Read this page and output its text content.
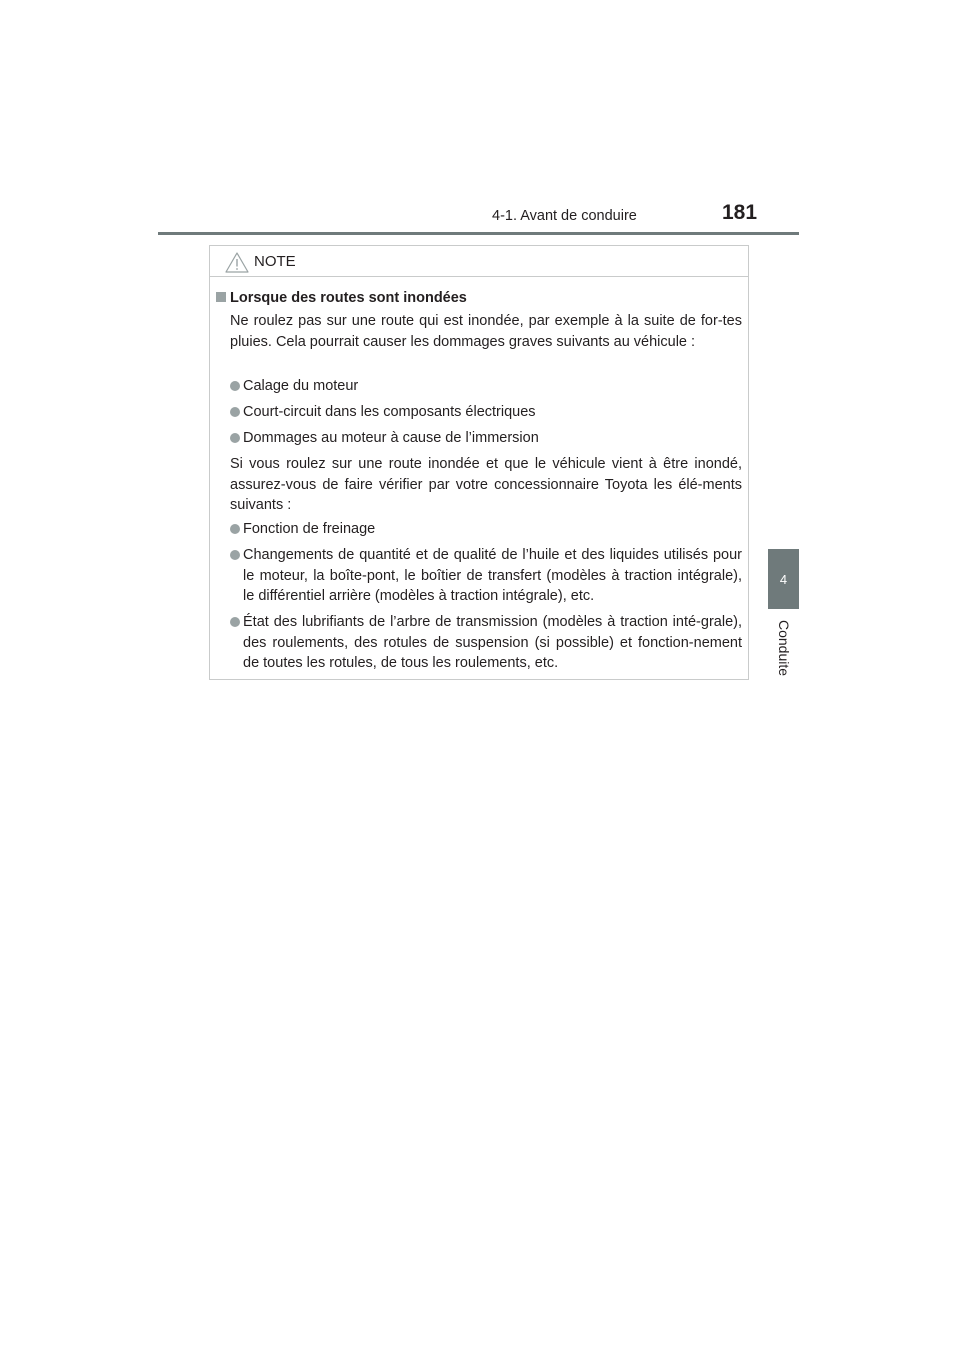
4-1. Avant de conduire	181
4
Conduite
NOTE
Lorsque des routes sont inondées

Ne roulez pas sur une route qui est inondée, par exemple à la suite de for-tes pluies. Cela pourrait causer les dommages graves suivants au véhicule :

Calage du moteur

Court-circuit dans les composants électriques

Dommages au moteur à cause de l’immersion

Si vous roulez sur une route inondée et que le véhicule vient à être inondé, assurez-vous de faire vérifier par votre concessionnaire Toyota les élé-ments suivants :

Fonction de freinage

Changements de quantité et de qualité de l’huile et des liquides utilisés pour le moteur, la boîte-pont, le boîtier de transfert (modèles à traction intégrale), le différentiel arrière (modèles à traction intégrale), etc.

État des lubrifiants de l’arbre de transmission (modèles à traction inté-grale), des roulements, des rotules de suspension (si possible) et fonction-nement de toutes les rotules, de tous les roulements, etc.
